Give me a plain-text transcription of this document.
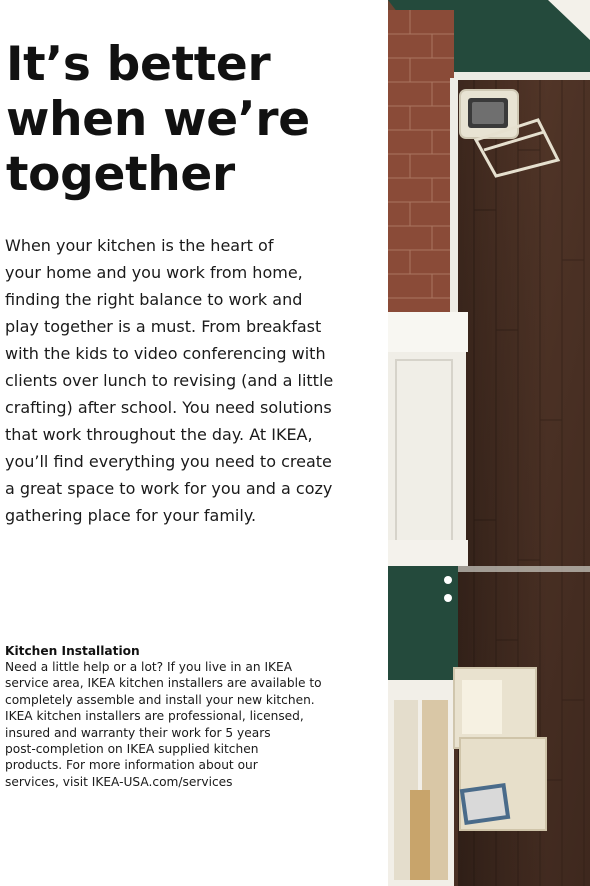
It’s better
when we’re
together

When your kitchen is the heart of
your home and you work from home,
finding the right balance to work and
play together is a must. From breakfast
with the kids to video conferencing with
clients over lunch to revising (and a little
crafting) after school. You need solutions
that work throughout the day. At IKEA,
you’ll find everything you need to create
a great space to work for you and a cozy
gathering place for your family.

Kitchen Installation

Need a little help or a lot? If you live in an IKEA
service area, IKEA kitchen installers are available to
completely assemble and install your new kitchen.
IKEA kitchen installers are professional, licensed,
insured and warranty their work for 5 years
post-completion on IKEA supplied kitchen
products. For more information about our
services, visit IKEA-USA.com/services
